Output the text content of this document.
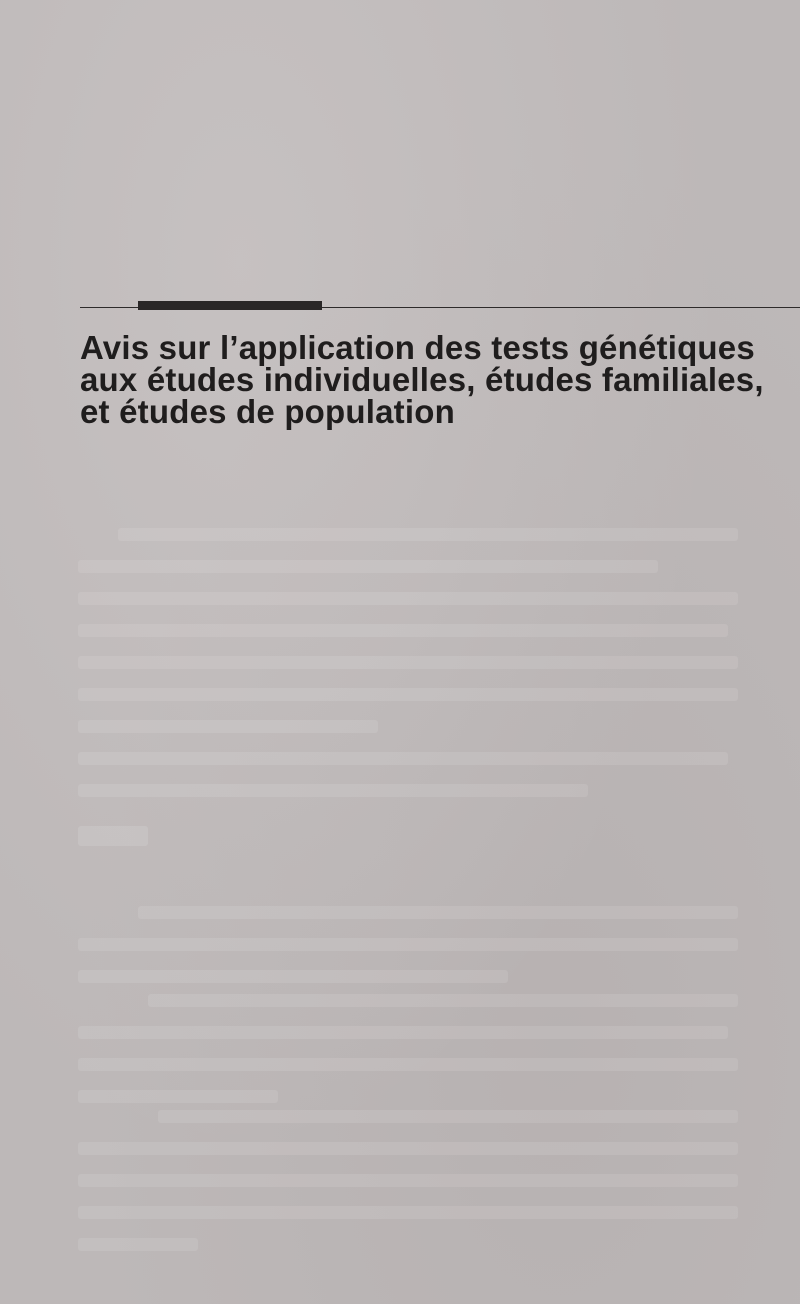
Avis sur l’application des tests génétiques
aux études individuelles, études familiales,
et études de population
